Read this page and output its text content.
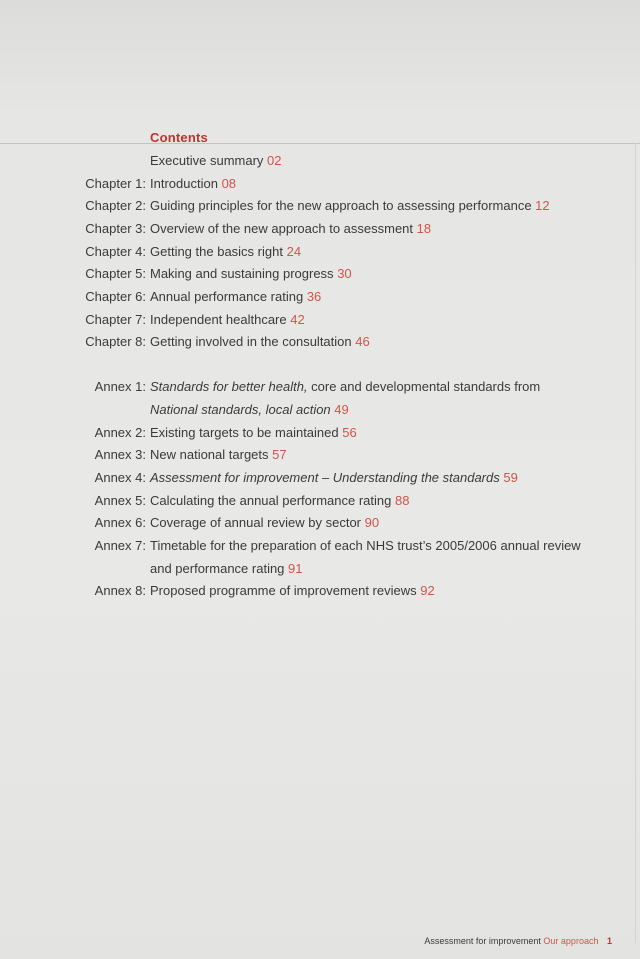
Contents
Executive summary 02
Chapter 1: Introduction 08
Chapter 2: Guiding principles for the new approach to assessing performance 12
Chapter 3: Overview of the new approach to assessment 18
Chapter 4: Getting the basics right 24
Chapter 5: Making and sustaining progress 30
Chapter 6: Annual performance rating 36
Chapter 7: Independent healthcare 42
Chapter 8: Getting involved in the consultation 46
Annex 1: Standards for better health, core and developmental standards from
National standards, local action 49
Annex 2: Existing targets to be maintained 56
Annex 3: New national targets 57
Annex 4: Assessment for improvement – Understanding the standards 59
Annex 5: Calculating the annual performance rating 88
Annex 6: Coverage of annual review by sector 90
Annex 7: Timetable for the preparation of each NHS trust’s 2005/2006 annual review
and performance rating 91
Annex 8: Proposed programme of improvement reviews 92
Assessment for improvement Our approach 1
